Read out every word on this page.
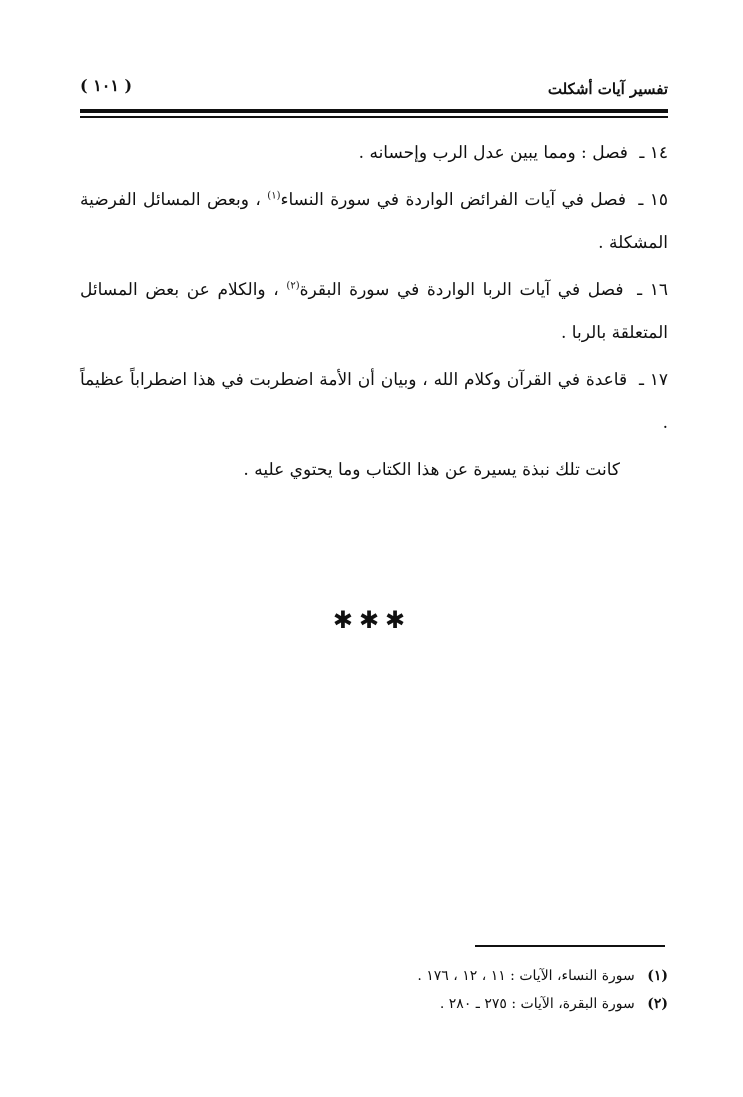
تفسير آيات أشكلت
( ١٠١ )

١٤ ـ فصل : ومما يبين عدل الرب وإحسانه .

١٥ ـ فصل في آيات الفرائض الواردة في سورة النساء$^{(١)}$ ، وبعض المسائل الفرضية المشكلة .

١٦ ـ فصل في آيات الربا الواردة في سورة البقرة$^{(٢)}$ ، والكلام عن بعض المسائل المتعلقة بالربا .

١٧ ـ قاعدة في القرآن وكلام الله ، وبيان أن الأمة اضطربت في هذا اضطراباً عظيماً .

كانت تلك نبذة يسيرة عن هذا الكتاب وما يحتوي عليه .

✱✱✱

(١) سورة النساء، الآيات : ١١ ، ١٢ ، ١٧٦ .

(٢) سورة البقرة، الآيات : ٢٧٥ ـ ٢٨٠ .
